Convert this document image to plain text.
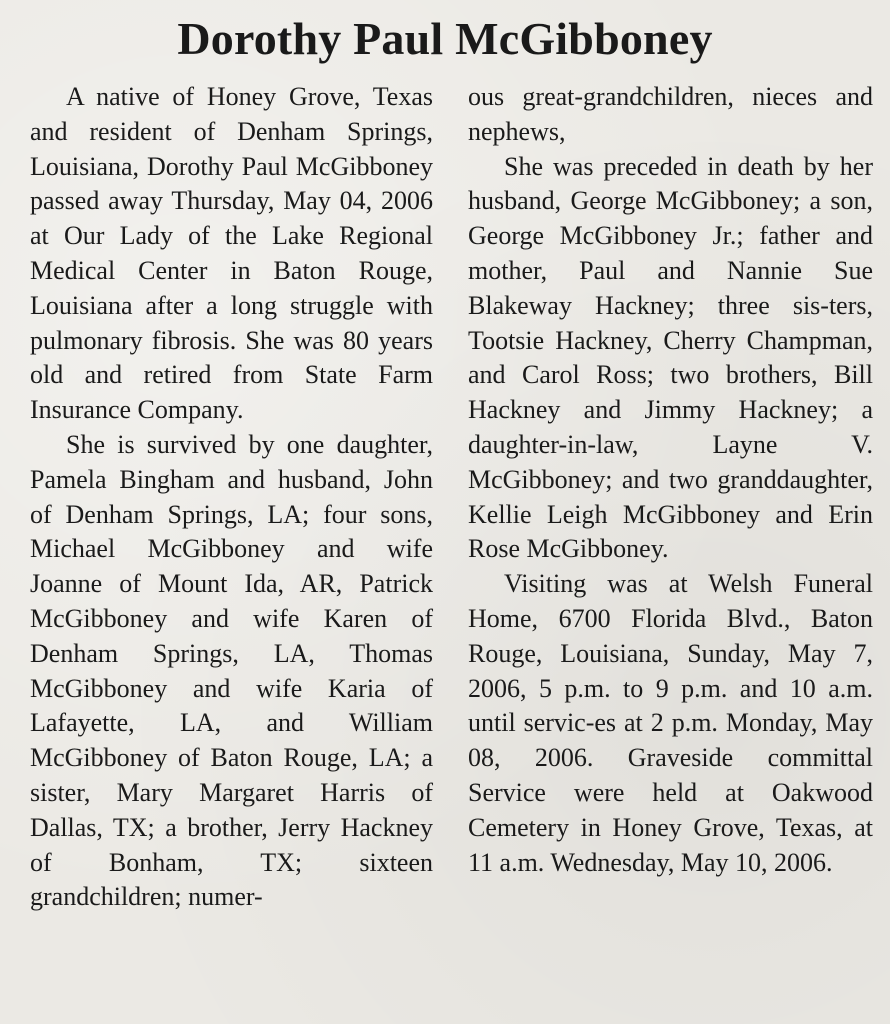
Dorothy Paul McGibboney

A native of Honey Grove, Texas and resident of Denham Springs, Louisiana, Dorothy Paul McGibboney passed away Thursday, May 04, 2006 at Our Lady of the Lake Regional Medical Center in Baton Rouge, Louisiana after a long struggle with pulmonary fibrosis. She was 80 years old and retired from State Farm Insurance Company.

She is survived by one daughter, Pamela Bingham and husband, John of Denham Springs, LA; four sons, Michael McGibboney and wife Joanne of Mount Ida, AR, Patrick McGibboney and wife Karen of Denham Springs, LA, Thomas McGibboney and wife Karia of Lafayette, LA, and William McGibboney of Baton Rouge, LA; a sister, Mary Margaret Harris of Dallas, TX; a brother, Jerry Hackney of Bonham, TX; sixteen grandchildren; numer-

ous great-grandchildren, nieces and nephews,

She was preceded in death by her husband, George McGibboney; a son, George McGibboney Jr.; father and mother, Paul and Nannie Sue Blakeway Hackney; three sis-ters, Tootsie Hackney, Cherry Champman, and Carol Ross; two brothers, Bill Hackney and Jimmy Hackney; a daughter-in-law, Layne V. McGibboney; and two granddaughter, Kellie Leigh McGibboney and Erin Rose McGibboney.

Visiting was at Welsh Funeral Home, 6700 Florida Blvd., Baton Rouge, Louisiana, Sunday, May 7, 2006, 5 p.m. to 9 p.m. and 10 a.m. until servic-es at 2 p.m. Monday, May 08, 2006. Graveside committal Service were held at Oakwood Cemetery in Honey Grove, Texas, at 11 a.m. Wednesday, May 10, 2006.
